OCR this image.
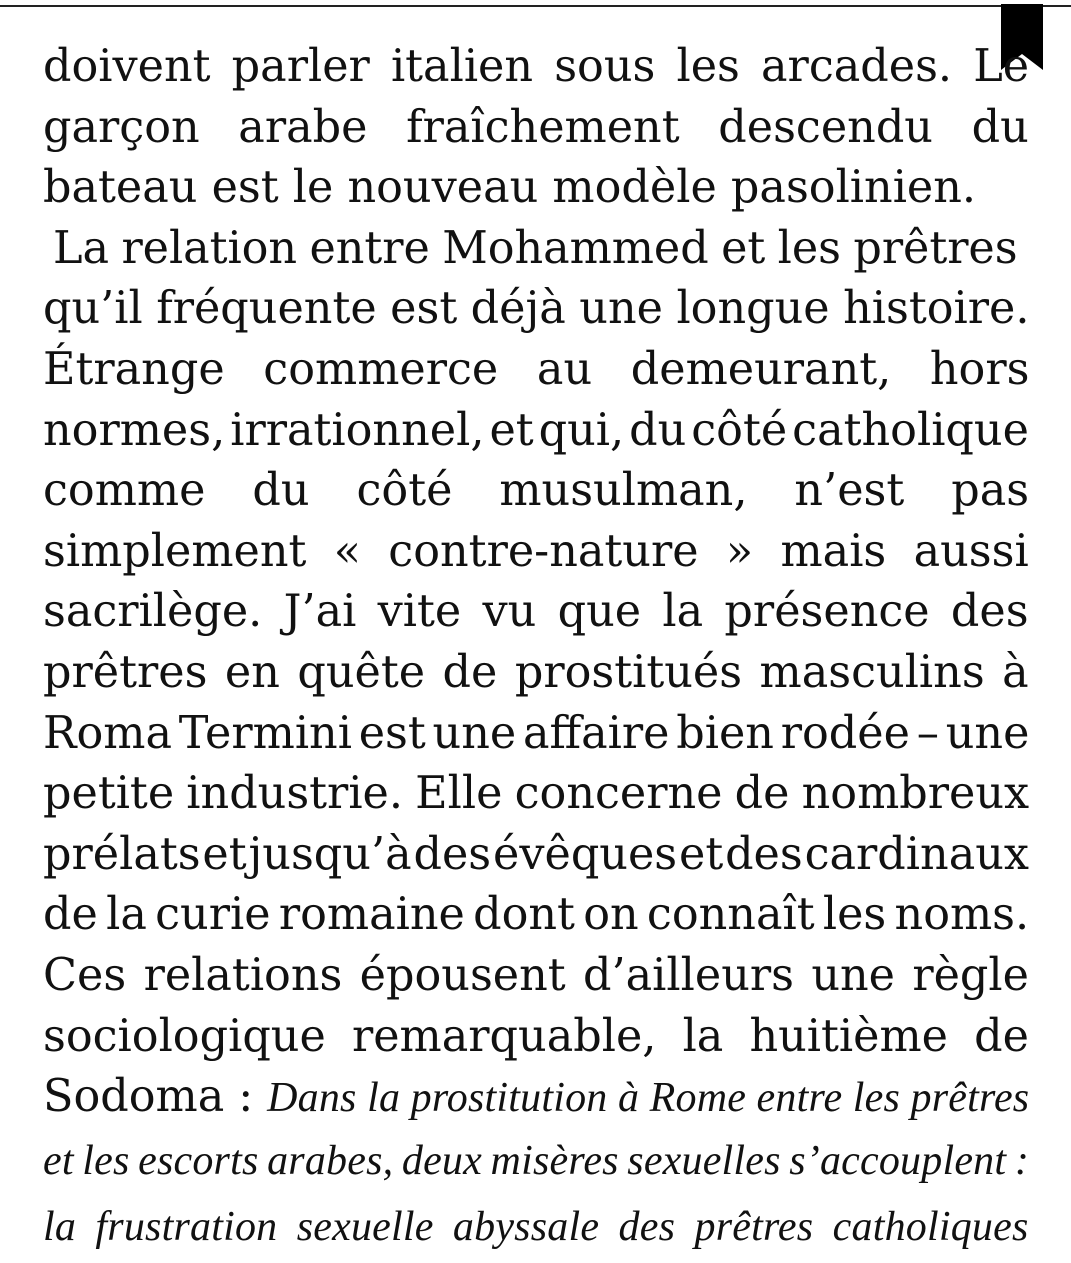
doivent parler italien sous les arcades. Le
garçon arabe fraîchement descendu du
bateau est le nouveau modèle pasolinien.
La relation entre Mohammed et les prêtres
qu’il fréquente est déjà une longue histoire.
Étrange commerce au demeurant, hors
normes, irrationnel, et qui, du côté catholique
comme du côté musulman, n’est pas
simplement « contre-nature » mais aussi
sacrilège. J’ai vite vu que la présence des
prêtres en quête de prostitués masculins à
Roma Termini est une affaire bien rodée – une
petite industrie. Elle concerne de nombreux
prélats et jusqu’à des évêques et des cardinaux
de la curie romaine dont on connaît les noms.
Ces relations épousent d’ailleurs une règle
sociologique remarquable, la huitième de
Sodoma : Dans la prostitution à Rome entre les prêtres
et les escorts arabes, deux misères sexuelles s’accouplent :
la frustration sexuelle abyssale des prêtres catholiques
